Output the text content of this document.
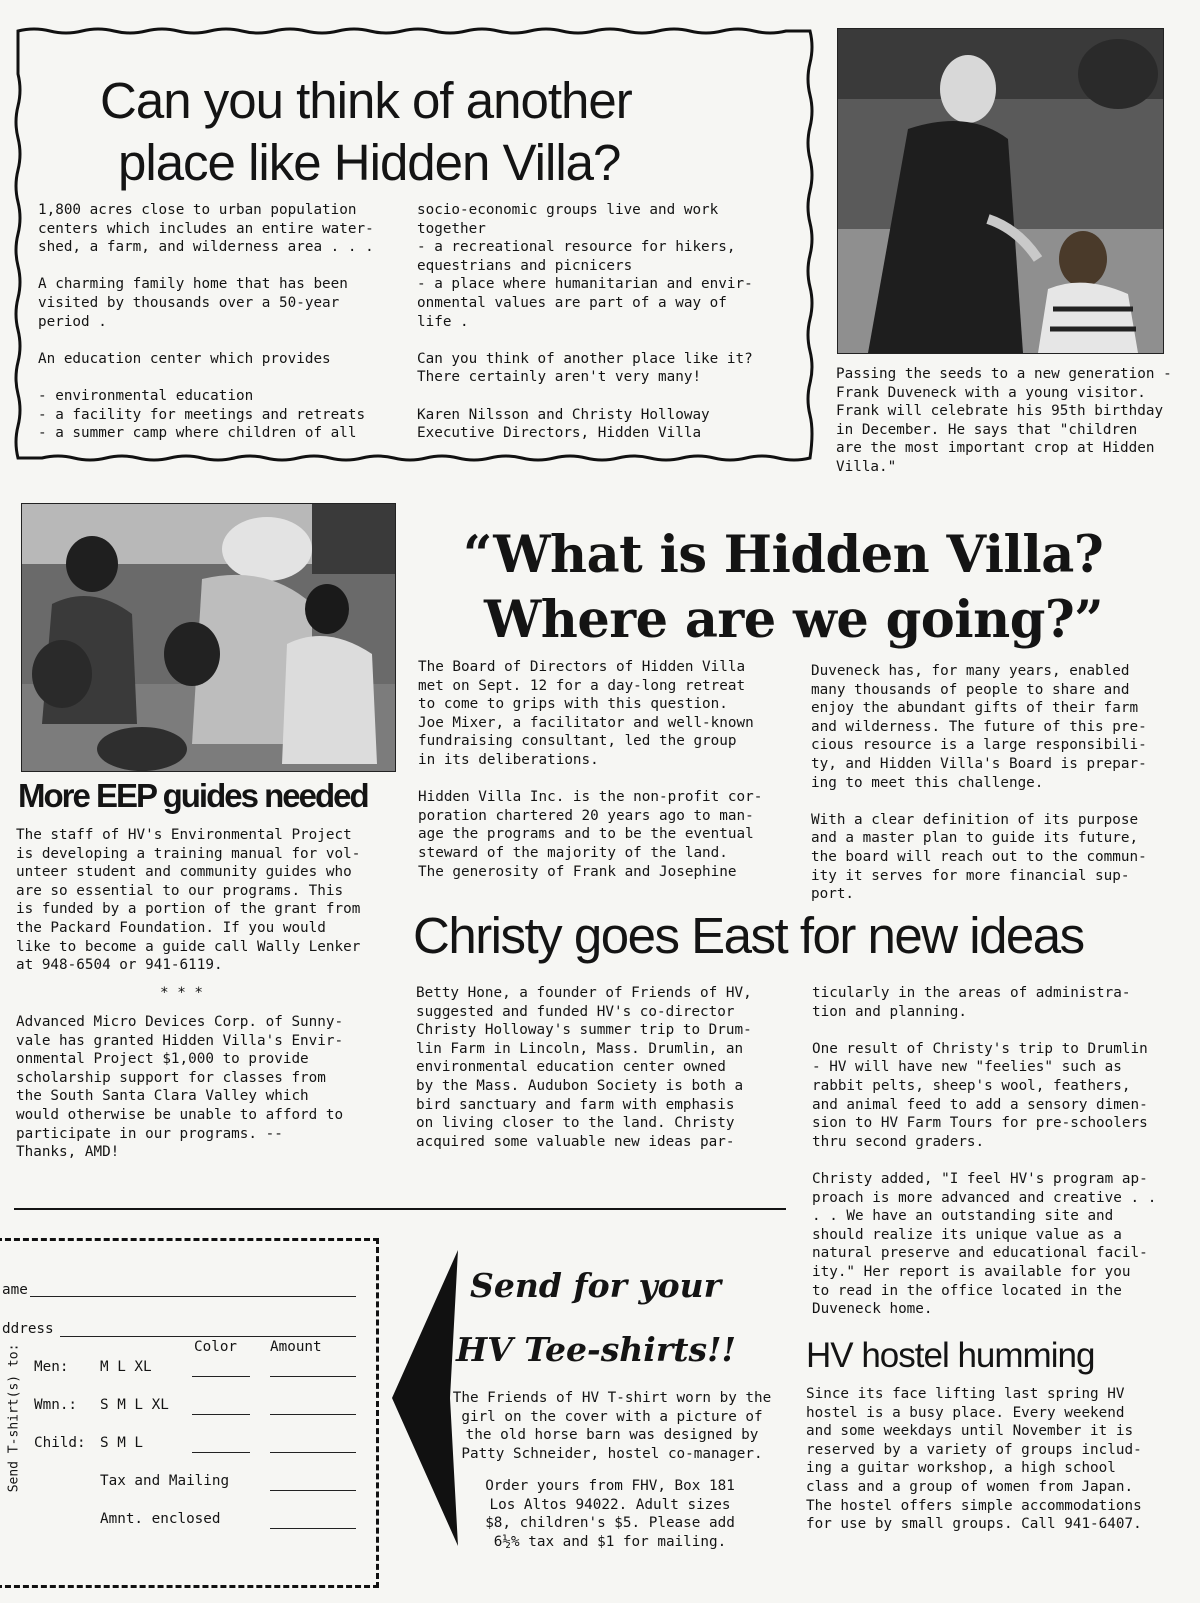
Can you think of another
place like Hidden Villa?
1,800 acres close to urban population
centers which includes an entire water-
shed, a farm, and wilderness area . . .

A charming family home that has been
visited by thousands over a 50-year
period .

An education center which provides

- environmental education
- a facility for meetings and retreats
- a summer camp where children of all
socio-economic groups live and work
together
- a recreational resource for hikers,
equestrians and picnicers
- a place where humanitarian and envir-
onmental values are part of a way of
life .

Can you think of another place like it?
There certainly aren't very many!

Karen Nilsson and Christy Holloway
Executive Directors, Hidden Villa
Passing the seeds to a new generation -
Frank Duveneck with a young visitor.
Frank will celebrate his 95th birthday
in December. He says that "children
are the most important crop at Hidden
Villa."
“What is Hidden Villa?
Where are we going?”
The Board of Directors of Hidden Villa
met on Sept. 12 for a day-long retreat
to come to grips with this question.
Joe Mixer, a facilitator and well-known
fundraising consultant, led the group
in its deliberations.

Hidden Villa Inc. is the non-profit cor-
poration chartered 20 years ago to man-
age the programs and to be the eventual
steward of the majority of the land.
The generosity of Frank and Josephine
Duveneck has, for many years, enabled
many thousands of people to share and
enjoy the abundant gifts of their farm
and wilderness. The future of this pre-
cious resource is a large responsibili-
ty, and Hidden Villa's Board is prepar-
ing to meet this challenge.

With a clear definition of its purpose
and a master plan to guide its future,
the board will reach out to the commun-
ity it serves for more financial sup-
port.
More EEP guides needed
The staff of HV's Environmental Project
is developing a training manual for vol-
unteer student and community guides who
are so essential to our programs. This
is funded by a portion of the grant from
the Packard Foundation. If you would
like to become a guide call Wally Lenker
at 948-6504 or 941-6119.
* * *
Advanced Micro Devices Corp. of Sunny-
vale has granted Hidden Villa's Envir-
onmental Project $1,000 to provide
scholarship support for classes from
the South Santa Clara Valley which
would otherwise be unable to afford to
participate in our programs. --
Thanks, AMD!
Christy goes East for new ideas
Betty Hone, a founder of Friends of HV,
suggested and funded HV's co-director
Christy Holloway's summer trip to Drum-
lin Farm in Lincoln, Mass. Drumlin, an
environmental education center owned
by the Mass. Audubon Society is both a
bird sanctuary and farm with emphasis
on living closer to the land. Christy
acquired some valuable new ideas par-
ticularly in the areas of administra-
tion and planning.

One result of Christy's trip to Drumlin
- HV will have new "feelies" such as
rabbit pelts, sheep's wool, feathers,
and animal feed to add a sensory dimen-
sion to HV Farm Tours for pre-schoolers
thru second graders.

Christy added, "I feel HV's program ap-
proach is more advanced and creative . .
. . We have an outstanding site and
should realize its unique value as a
natural preserve and educational facil-
ity." Her report is available for you
to read in the office located in the
Duveneck home.
Send T-shirt(s) to:
ame
ddress
Color Amount
Men: M L XL
Wmn.: S M L XL
Child: S M L
Tax and Mailing
Amnt. enclosed
Send for your
HV Tee-shirts!!
The Friends of HV T-shirt worn by the
girl on the cover with a picture of
the old horse barn was designed by
Patty Schneider, hostel co-manager.
Order yours from FHV, Box 181
Los Altos 94022. Adult sizes
$8, children's $5. Please add
6½% tax and $1 for mailing.
HV hostel humming
Since its face lifting last spring HV
hostel is a busy place. Every weekend
and some weekdays until November it is
reserved by a variety of groups includ-
ing a guitar workshop, a high school
class and a group of women from Japan.
The hostel offers simple accommodations
for use by small groups. Call 941-6407.
